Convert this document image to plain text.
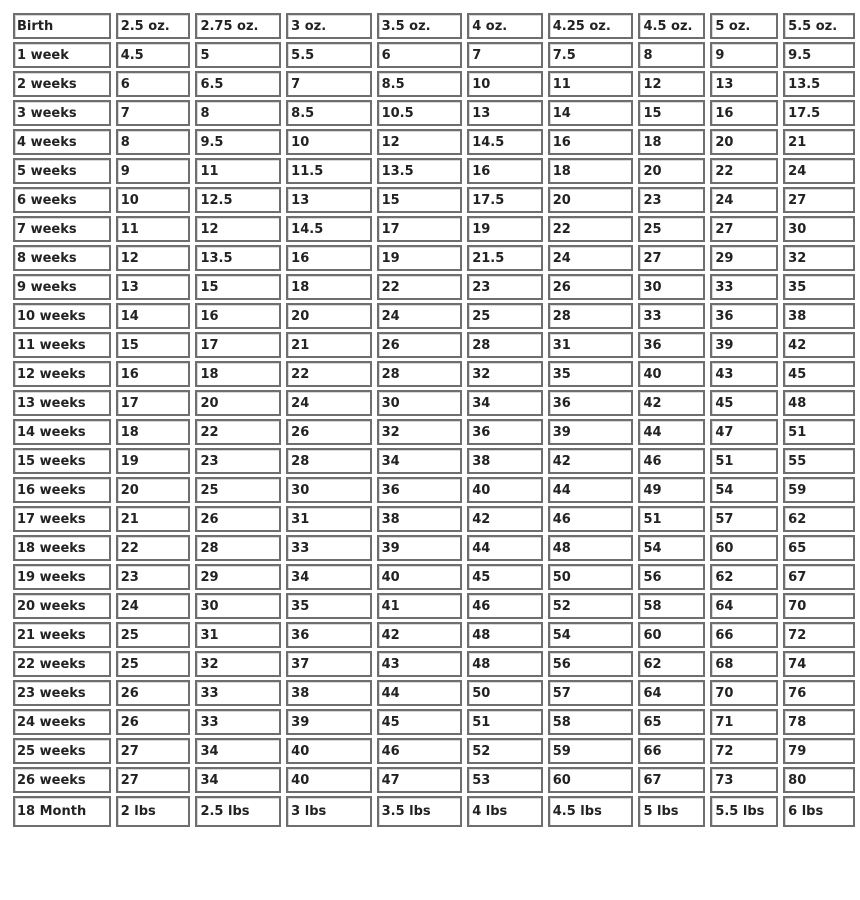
Birth	2.5 oz.	2.75 oz.	3 oz.	3.5 oz.	4 oz.	4.25 oz.	4.5 oz.	5 oz.	5.5 oz.
1 week	4.5	5	5.5	6	7	7.5	8	9	9.5
2 weeks	6	6.5	7	8.5	10	11	12	13	13.5
3 weeks	7	8	8.5	10.5	13	14	15	16	17.5
4 weeks	8	9.5	10	12	14.5	16	18	20	21
5 weeks	9	11	11.5	13.5	16	18	20	22	24
6 weeks	10	12.5	13	15	17.5	20	23	24	27
7 weeks	11	12	14.5	17	19	22	25	27	30
8 weeks	12	13.5	16	19	21.5	24	27	29	32
9 weeks	13	15	18	22	23	26	30	33	35
10 weeks	14	16	20	24	25	28	33	36	38
11 weeks	15	17	21	26	28	31	36	39	42
12 weeks	16	18	22	28	32	35	40	43	45
13 weeks	17	20	24	30	34	36	42	45	48
14 weeks	18	22	26	32	36	39	44	47	51
15 weeks	19	23	28	34	38	42	46	51	55
16 weeks	20	25	30	36	40	44	49	54	59
17 weeks	21	26	31	38	42	46	51	57	62
18 weeks	22	28	33	39	44	48	54	60	65
19 weeks	23	29	34	40	45	50	56	62	67
20 weeks	24	30	35	41	46	52	58	64	70
21 weeks	25	31	36	42	48	54	60	66	72
22 weeks	25	32	37	43	48	56	62	68	74
23 weeks	26	33	38	44	50	57	64	70	76
24 weeks	26	33	39	45	51	58	65	71	78
25 weeks	27	34	40	46	52	59	66	72	79
26 weeks	27	34	40	47	53	60	67	73	80
18 Month	2 lbs	2.5 lbs	3 lbs	3.5 lbs	4 lbs	4.5 lbs	5 lbs	5.5 lbs	6 lbs
